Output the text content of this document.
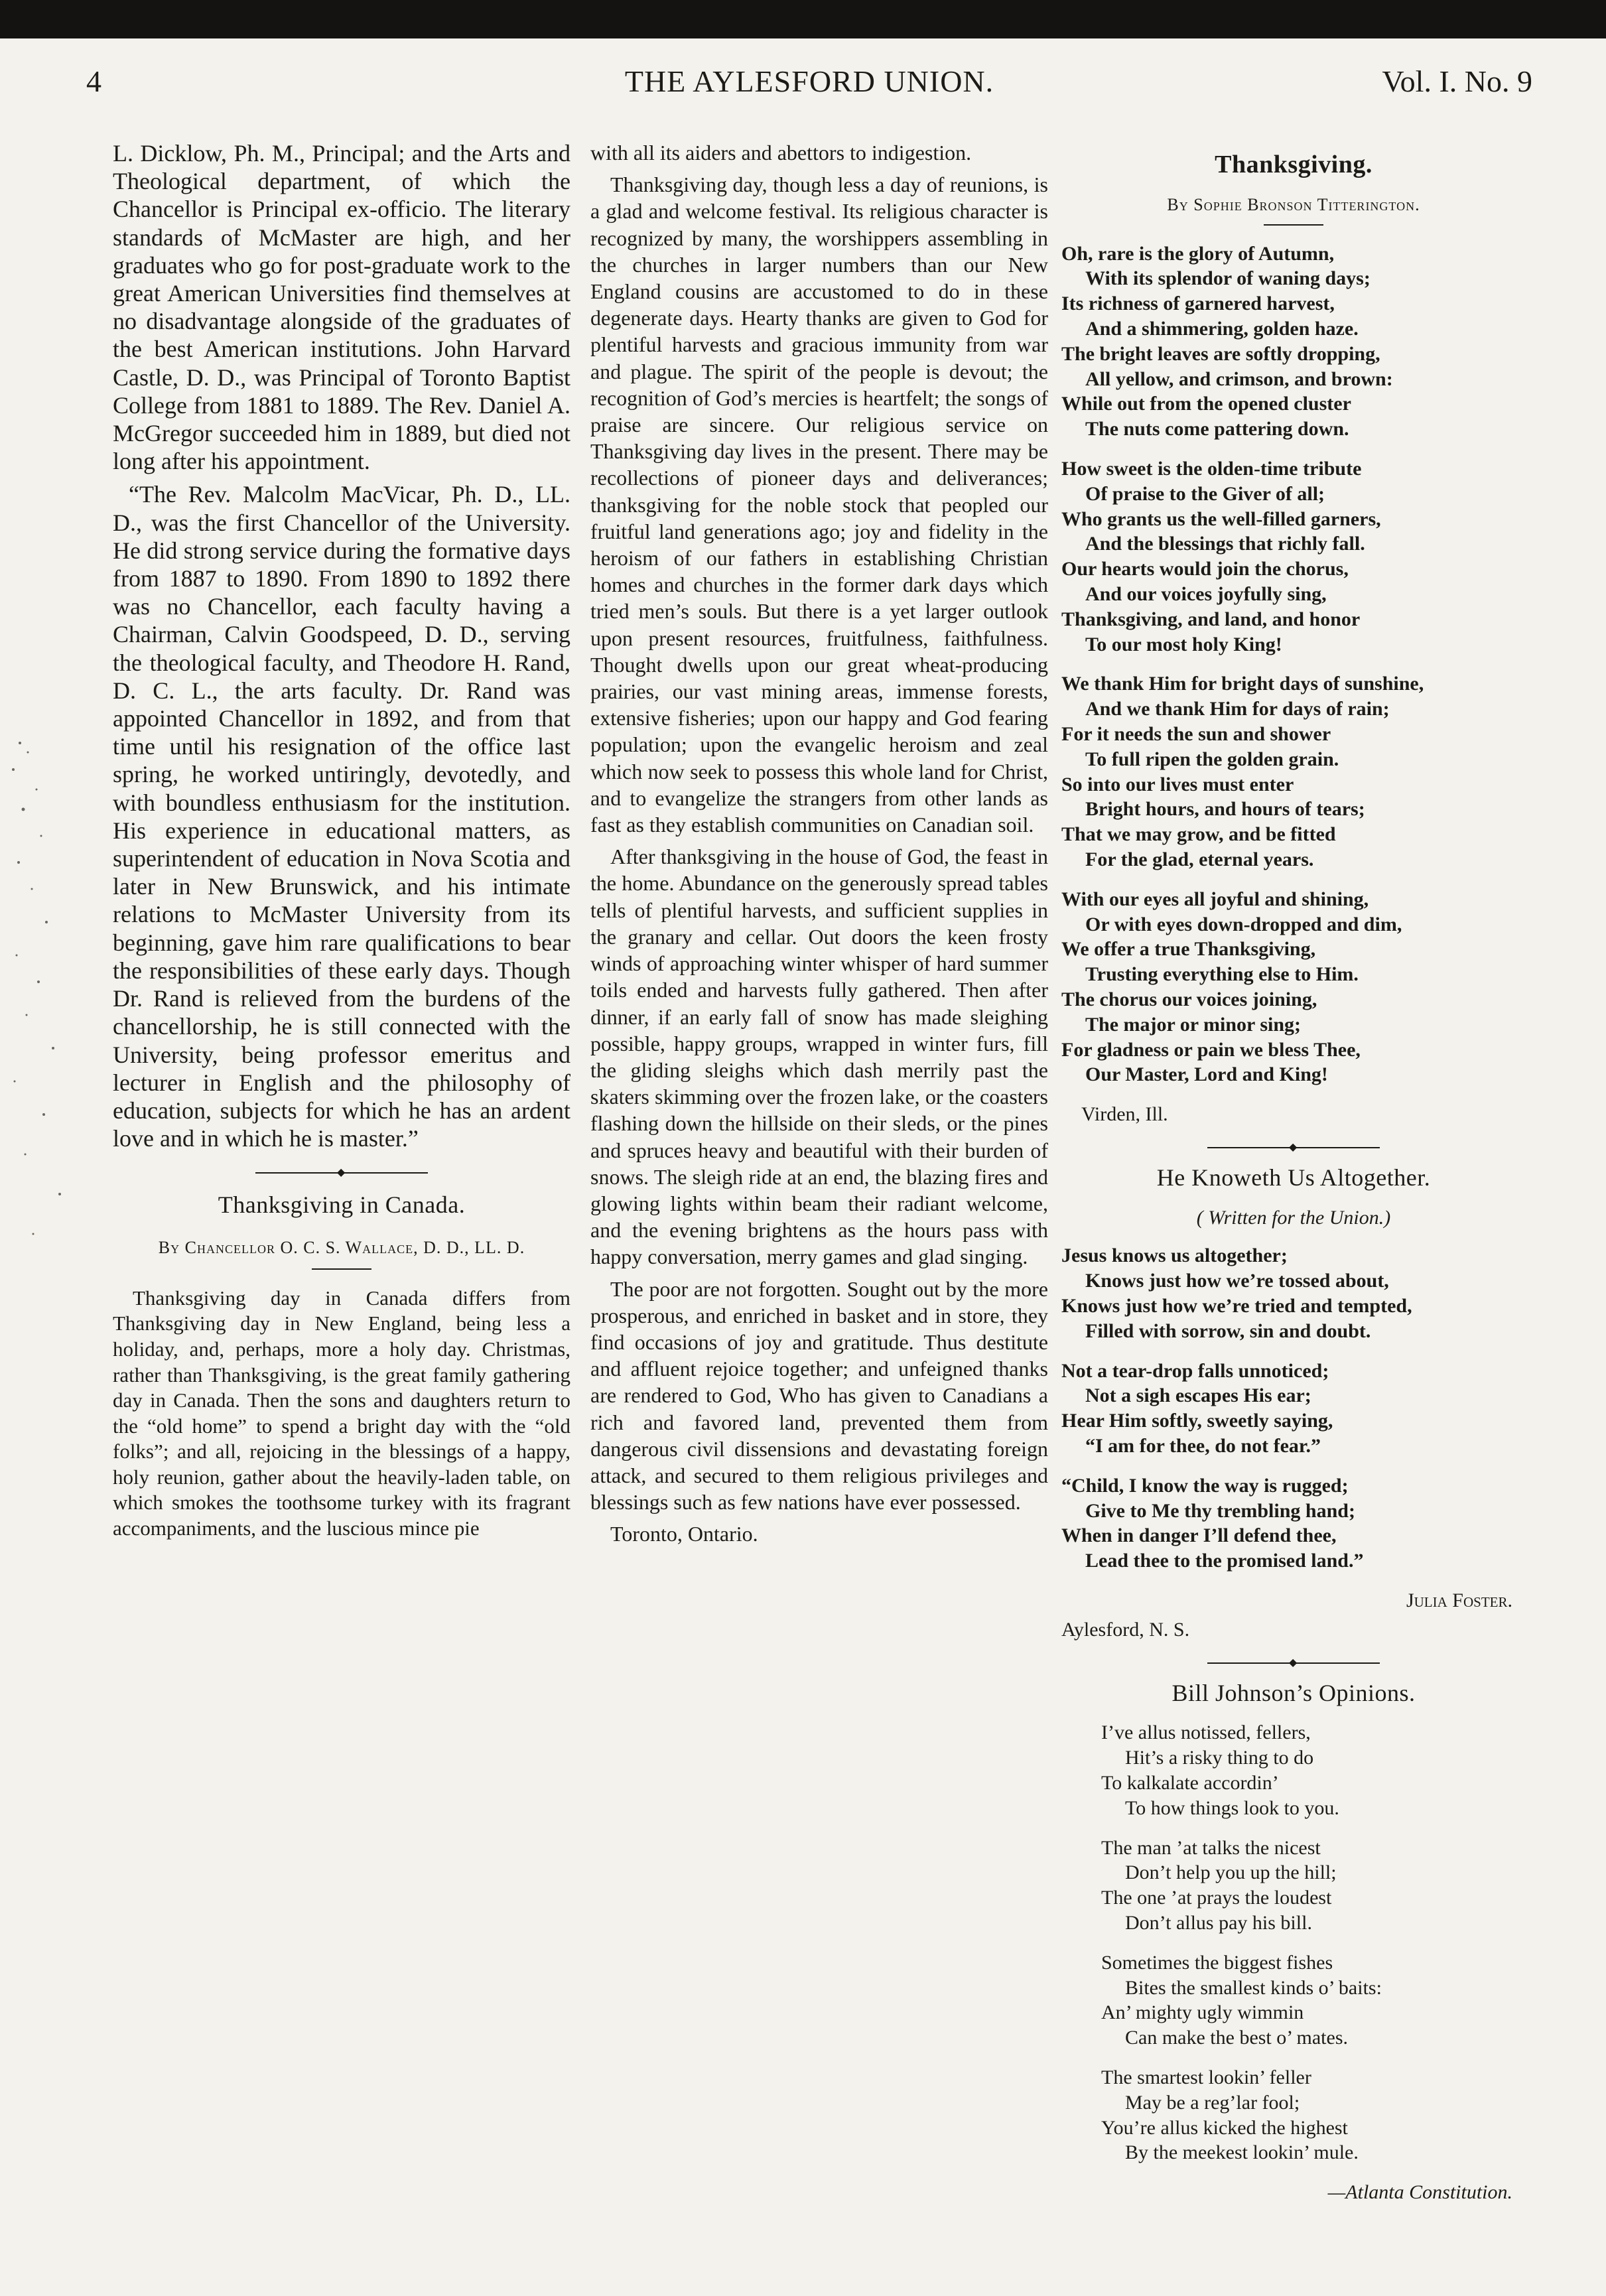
4	THE AYLESFORD UNION.	Vol. I. No. 9

L. Dicklow, Ph. M., Principal; and the Arts and Theological department, of which the Chancellor is Principal ex-officio. The literary standards of McMaster are high, and her graduates who go for post-graduate work to the great American Universities find themselves at no disadvantage alongside of the graduates of the best American institutions. John Harvard Castle, D. D., was Principal of Toronto Baptist College from 1881 to 1889. The Rev. Daniel A. McGregor succeeded him in 1889, but died not long after his appointment.

“The Rev. Malcolm MacVicar, Ph. D., LL. D., was the first Chancellor of the University. He did strong service during the formative days from 1887 to 1890. From 1890 to 1892 there was no Chancellor, each faculty having a Chairman, Calvin Goodspeed, D. D., serving the theological faculty, and Theodore H. Rand, D. C. L., the arts faculty. Dr. Rand was appointed Chancellor in 1892, and from that time until his resignation of the office last spring, he worked untiringly, devotedly, and with boundless enthusiasm for the institution. His experience in educational matters, as superintendent of education in Nova Scotia and later in New Brunswick, and his intimate relations to McMaster University from its beginning, gave him rare qualifications to bear the responsibilities of these early days. Though Dr. Rand is relieved from the burdens of the chancellorship, he is still connected with the University, being professor emeritus and lecturer in English and the philosophy of education, subjects for which he has an ardent love and in which he is master.”

◆
Thanksgiving in Canada.
By Chancellor O. C. S. Wallace, D. D., LL. D.

Thanksgiving day in Canada differs from Thanksgiving day in New England, being less a holiday, and, perhaps, more a holy day. Christmas, rather than Thanksgiving, is the great family gathering day in Canada. Then the sons and daughters return to the “old home” to spend a bright day with the “old folks”; and all, rejoicing in the blessings of a happy, holy reunion, gather about the heavily-laden table, on which smokes the toothsome turkey with its fragrant accompaniments, and the luscious mince pie

with all its aiders and abettors to indigestion.

Thanksgiving day, though less a day of reunions, is a glad and welcome festival. Its religious character is recognized by many, the worshippers assembling in the churches in larger numbers than our New England cousins are accustomed to do in these degenerate days. Hearty thanks are given to God for plentiful harvests and gracious immunity from war and plague. The spirit of the people is devout; the recognition of God’s mercies is heartfelt; the songs of praise are sincere. Our religious service on Thanksgiving day lives in the present. There may be recollections of pioneer days and deliverances; thanksgiving for the noble stock that peopled our fruitful land generations ago; joy and fidelity in the heroism of our fathers in establishing Christian homes and churches in the former dark days which tried men’s souls. But there is a yet larger outlook upon present resources, fruitfulness, faithfulness. Thought dwells upon our great wheat-producing prairies, our vast mining areas, immense forests, extensive fisheries; upon our happy and God fearing population; upon the evangelic heroism and zeal which now seek to possess this whole land for Christ, and to evangelize the strangers from other lands as fast as they establish communities on Canadian soil.

After thanksgiving in the house of God, the feast in the home. Abundance on the generously spread tables tells of plentiful harvests, and sufficient supplies in the granary and cellar. Out doors the keen frosty winds of approaching winter whisper of hard summer toils ended and harvests fully gathered. Then after dinner, if an early fall of snow has made sleighing possible, happy groups, wrapped in winter furs, fill the gliding sleighs which dash merrily past the skaters skimming over the frozen lake, or the coasters flashing down the hillside on their sleds, or the pines and spruces heavy and beautiful with their burden of snows. The sleigh ride at an end, the blazing fires and glowing lights within beam their radiant welcome, and the evening brightens as the hours pass with happy conversation, merry games and glad singing.

The poor are not forgotten. Sought out by the more prosperous, and enriched in basket and in store, they find occasions of joy and gratitude. Thus destitute and affluent rejoice together; and unfeigned thanks are rendered to God, Who has given to Canadians a rich and favored land, prevented them from dangerous civil dissensions and devastating foreign attack, and secured to them religious privileges and blessings such as few nations have ever possessed.

Toronto, Ontario.

Thanksgiving.
By Sophie Bronson Titterington.
Oh, rare is the glory of Autumn,
With its splendor of waning days;
Its richness of garnered harvest,
And a shimmering, golden haze.
The bright leaves are softly dropping,
All yellow, and crimson, and brown:
While out from the opened cluster
The nuts come pattering down.
How sweet is the olden-time tribute
Of praise to the Giver of all;
Who grants us the well-filled garners,
And the blessings that richly fall.
Our hearts would join the chorus,
And our voices joyfully sing,
Thanksgiving, and land, and honor
To our most holy King!
We thank Him for bright days of sunshine,
And we thank Him for days of rain;
For it needs the sun and shower
To full ripen the golden grain.
So into our lives must enter
Bright hours, and hours of tears;
That we may grow, and be fitted
For the glad, eternal years.
With our eyes all joyful and shining,
Or with eyes down-dropped and dim,
We offer a true Thanksgiving,
Trusting everything else to Him.
The chorus our voices joining,
The major or minor sing;
For gladness or pain we bless Thee,
Our Master, Lord and King!
Virden, Ill.
◆
He Knoweth Us Altogether.
( Written for the Union.)
Jesus knows us altogether;
Knows just how we’re tossed about,
Knows just how we’re tried and tempted,
Filled with sorrow, sin and doubt.
Not a tear-drop falls unnoticed;
Not a sigh escapes His ear;
Hear Him softly, sweetly saying,
“I am for thee, do not fear.”
“Child, I know the way is rugged;
Give to Me thy trembling hand;
When in danger I’ll defend thee,
Lead thee to the promised land.”
Julia Foster.
Aylesford, N. S.
◆
Bill Johnson’s Opinions.
I’ve allus notissed, fellers,
Hit’s a risky thing to do
To kalkalate accordin’
To how things look to you.
The man ’at talks the nicest
Don’t help you up the hill;
The one ’at prays the loudest
Don’t allus pay his bill.
Sometimes the biggest fishes
Bites the smallest kinds o’ baits:
An’ mighty ugly wimmin
Can make the best o’ mates.
The smartest lookin’ feller
May be a reg’lar fool;
You’re allus kicked the highest
By the meekest lookin’ mule.
—Atlanta Constitution.
